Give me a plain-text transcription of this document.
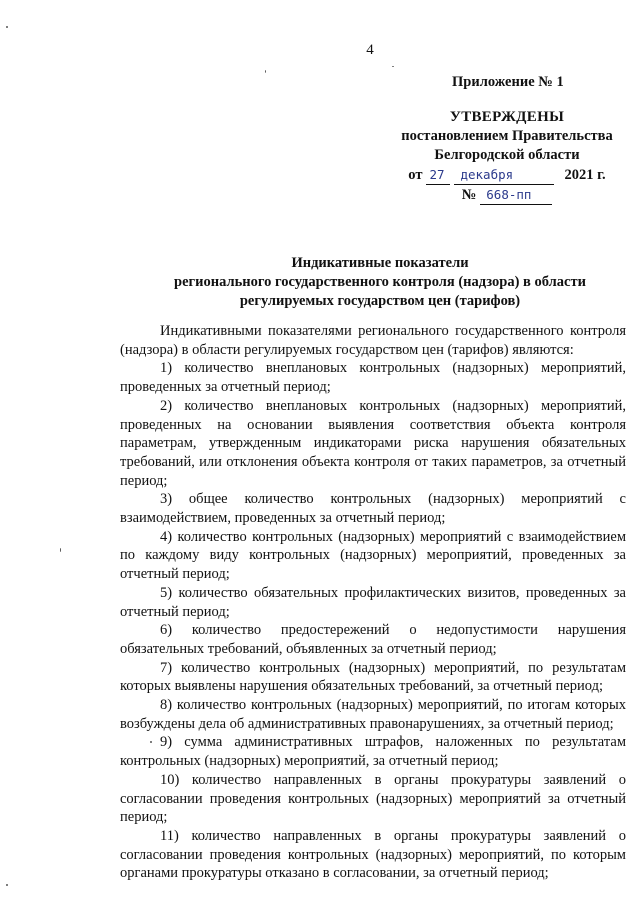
4
Приложение № 1
УТВЕРЖДЕНЫ
постановлением Правительства
Белгородской области
от 27	декабря	2021 г.
№ 668-пп
Индикативные показатели
регионального государственного контроля (надзора) в области
регулируемых государством цен (тарифов)

Индикативными показателями регионального государственного контроля (надзора) в области регулируемых государством цен (тарифов) являются:

1) количество внеплановых контрольных (надзорных) мероприятий, проведенных за отчетный период;

2) количество внеплановых контрольных (надзорных) мероприятий, проведенных на основании выявления соответствия объекта контроля параметрам, утвержденным индикаторами риска нарушения обязательных требований, или отклонения объекта контроля от таких параметров, за отчетный период;

3) общее количество контрольных (надзорных) мероприятий с взаимодействием, проведенных за отчетный период;

4) количество контрольных (надзорных) мероприятий с взаимодействием по каждому виду контрольных (надзорных) мероприятий, проведенных за отчетный период;

5) количество обязательных профилактических визитов, проведенных за отчетный период;

6) количество предостережений о недопустимости нарушения обязательных требований, объявленных за отчетный период;

7) количество контрольных (надзорных) мероприятий, по результатам которых выявлены нарушения обязательных требований, за отчетный период;

8) количество контрольных (надзорных) мероприятий, по итогам которых возбуждены дела об административных правонарушениях, за отчетный период;

9) сумма административных штрафов, наложенных по результатам контрольных (надзорных) мероприятий, за отчетный период;

10) количество направленных в органы прокуратуры заявлений о согласовании проведения контрольных (надзорных) мероприятий за отчетный период;

11) количество направленных в органы прокуратуры заявлений о согласовании проведения контрольных (надзорных) мероприятий, по которым органами прокуратуры отказано в согласовании, за отчетный период;
